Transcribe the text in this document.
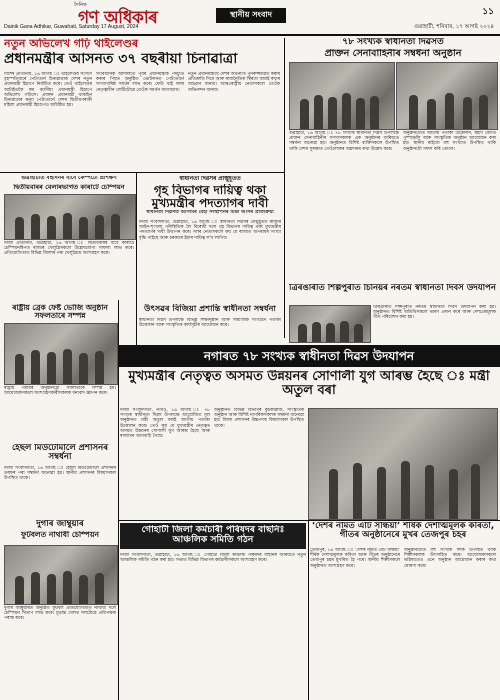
দৈনিক
গণ অধিকাৰ	স্থানীয় সংবাদ	১১
Dainik Gana Adhikar, Guwahati, Saturday 17 August, 2024	গুৱাহাটী, শনিবাৰ, ১৭ আগষ্ট ২০২৪
নতুন অভিলেখ গঢ়ি থাইলেণ্ডৰ
প্ৰধানমন্ত্ৰীৰ আসনত ৩৭ বছৰীয়া চিনাৱাত্ৰা
বিশেষ প্ৰতিনিধি, ১৬ আগষ্ট ঃ থাইলেণ্ডৰ সংসদে বৃহস্পতিবাৰে পেটংতাৰ্ন চিনাৱাত্ৰাক দেশৰ নতুন প্ৰধানমন্ত্ৰী হিচাপে নিৰ্বাচিত কৰে। তেওঁ থাইলেণ্ডৰ আটাইতকৈ কম বয়সীয়া প্ৰধানমন্ত্ৰী হিচাপে অভিলেখ গঢ়িলে। প্ৰাক্তন প্ৰধানমন্ত্ৰী থাকচিন চিনাৱাত্ৰাৰ কন্যা পেটংতাৰ্নে দেশৰ দ্বিতীয়গৰাকী মহিলা প্ৰধানমন্ত্ৰী হিচাপেও অধিষ্ঠিত হয়।
সংবিধানিক আদালতে পূৰ্বৰ প্ৰধানমন্ত্ৰীক পদচ্যুত কৰাৰ পিছত অনুষ্ঠিত ভোটদানত পেটংতাৰ্নে সংখ্যাগৰিষ্ঠ সমৰ্থন লাভ কৰে। ফেউ থাই দলৰ নেতৃত্বাধীন জোঁটটোৱে তেওঁক সমৰ্থন আগবঢ়ায়।
নতুন প্ৰধানমন্ত্ৰীয়ে দেশৰ অৰ্থনীতি পুনৰুজ্জীৱিত কৰাৰ প্ৰতিশ্ৰুতি দিয়ে আৰু ৰাজনৈতিক স্থিৰতা বজাই ৰখাৰ আহ্বান জনায়। আন্তঃৰাষ্ট্ৰীয় নেতাসকলে তেওঁক অভিনন্দন জনায়।
৭৮ সংখ্যক স্বাধীনতা দিৱসত
প্ৰাক্তন সেনাবাহিনীৰ সম্বৰ্ধনা অনুষ্ঠান
গুৱাহাটী, ১৬ আগষ্ট ঃ ৭৮ সংখ্যক স্বাধীনতা দিৱস উপলক্ষে প্ৰাক্তন সেনাবাহিনীৰ সদস্যসকলক এক অনুষ্ঠানৰ জৰিয়তে সম্বৰ্ধনা জনোৱা হয়। অনুষ্ঠানত বিশিষ্ট ব্যক্তিসকলে উপস্থিত থাকি দেশৰ সুৰক্ষাত তেওঁলোকৰ অৱদানৰ কথা উল্লেখ কৰে।
অনুষ্ঠানটোত জাতীয় পতাকা উত্তোলন, শ্বহীদ বেদীত পুষ্পাঞ্জলি আৰু সাংস্কৃতিক অনুষ্ঠান আয়োজন কৰা হয়। স্থানীয় ৰাইজে বহু সংখ্যাত উপস্থিত থাকি অনুষ্ঠানটো সফল কৰি তোলে।
গুৱাহাটীত বহুদিনৰ বাবে কেম্পটো প্ৰশিক্ষণ
দ্বিতীয়বাৰৰ বেলাৰভাগত কাৰাটে চেম্পিয়ন
নিজা প্ৰতিনিধি, গুৱাহাটী, ১৬ আগষ্ট ঃ দ্বিতীয়বাৰৰ বাবে কাৰাটে চেম্পিয়নশ্বিপত ৰাজ্যৰ খেলুৱৈসকলে উল্লেখযোগ্য সাফল্য লাভ কৰে। প্ৰতিযোগিতাত বিভিন্ন জিলাৰ পৰা খেলুৱৈয়ে অংশগ্ৰহণ কৰে।
স্বাধীনতা দিৱসৰ প্ৰাক্মুহূৰ্তত
গৃহ বিভাগৰ দায়িত্ব থকা মুখ্যমন্ত্ৰীৰ পদত্যাগৰ দাবী
স্বাধীনতা দিৱসত আসামৰ বেহা সংস্থাপনৰ চিন্তা আসৰ প্ৰতিক্ৰিয়া
নিজা সংবাদদাতা, গুৱাহাটী, ১৬ আগষ্ট ঃ স্বাধীনতা দিৱসৰ প্ৰাক্মুহূৰ্তত ৰাজ্যৰ আইন-শৃংখলা পৰিস্থিতিক লৈ বিৰোধী দলে গৃহ বিভাগৰ দায়িত্ব থকা মুখ্যমন্ত্ৰীৰ পদত্যাগৰ দাবী উত্থাপন কৰে। দলৰ নেতাসকলে কয় যে ৰাজ্যত অপৰাধৰ সংখ্যা বৃদ্ধি পাইছে আৰু চৰকাৰে ইয়াৰ দায়িত্ব ল'ব লাগিব।
ৰাষ্ট্ৰীয় ব্ৰেক ফেষ্ট ভোজি অনুষ্ঠান সফলতাৰে সম্পন্ন
ৰাষ্ট্ৰীয় পৰ্যায়ৰ অনুষ্ঠানটো সফলতাৰে সম্পন্ন হয়। আয়োজকসকলে অংশগ্ৰহণকাৰীসকলক ধন্যবাদ জ্ঞাপন কৰে।
উৎসৱৰ বিজিয়া প্ৰশান্তি স্বাধীনতা সম্বৰ্ধনা
স্বাধীনতা দিৱস উপলক্ষে বিভিন্ন শিক্ষানুষ্ঠান আৰু সামাজিক সংগঠনে পতাকা উত্তোলন আৰু সাংস্কৃতিক কাৰ্যসূচীৰ আয়োজন কৰে।
ত্ৰিৰঙাৰীত শিল্পপুৰীত চিনিয়ৰ নৰতম স্বাধীনতা দিবস উদযাপন
ত্ৰিৰঙাৰীত শিল্পপুৰীত নৰতম স্বাধীনতা দিবস উদযাপন কৰা হয়। অনুষ্ঠানত বিশিষ্ট অতিথিসকলে ভাষণ প্ৰদান কৰে আৰু দেশপ্ৰেমমূলক গীত পৰিবেশন কৰা হয়।
নগাৰত ৭৮ সংখ্যক স্বাধীনতা দিৱস উদযাপন
মুখ্যমন্ত্ৰীৰ নেতৃত্বত অসমত উন্নয়নৰ সোণালী যুগ আৰম্ভ হৈছে ঃ মন্ত্ৰী অতুল বৰা
নিজা সংবাদদাতা, নগাঁও, ১৬ আগষ্ট ঃ ৭৮ সংখ্যক স্বাধীনতা দিৱস উপলক্ষে আয়োজিত মূল অনুষ্ঠানত মন্ত্ৰী অতুল বৰাই জাতীয় পতাকা উত্তোলন কৰে। তেওঁ কয় যে মুখ্যমন্ত্ৰীৰ নেতৃত্বত অসমত উন্নয়নৰ সোণালী যুগ আৰম্ভ হৈছে আৰু ৰাজ্যখন আগবাঢ়ি গৈছে।
অনুষ্ঠানত বিভিন্ন বিভাগৰ কুচকাৱাজ, সাংস্কৃতিক অনুষ্ঠান আৰু বিশিষ্ট নাগৰিকসকলক সম্বৰ্ধনা জনোৱা হয়। জিলা প্ৰশাসনৰ উচ্চপদস্থ বিষয়াসকল উপস্থিত থাকে।
হেছল মিউটোমালৈ প্ৰশাসনৰ সম্বৰ্ধনা
নিজা সংবাদদাতা, ১৬ আগষ্ট ঃ হেছল মিউটোমালৈ প্ৰশাসনৰ তৰফৰ পৰা সম্বৰ্ধনা জনোৱা হয়। স্থানীয় প্ৰশাসনৰ বিষয়াসকল উপস্থিত থাকে।
দুৰ্গাৰ জাম্বুয়াৰ
ফুটবলত নাথাবী চেম্পিয়ন
দুৰ্গাৰ জাম্বুয়াৰত অনুষ্ঠিত ফুটবল প্ৰতিযোগিতাত নাথাবী দলে চেম্পিয়ন খিতাপ লাভ কৰে। চূড়ান্ত খেলত দলটোৱে প্ৰতিপক্ষক পৰাস্ত কৰে।
গোহাটী জিলা কৰ্মচাৰী পৰিষদৰ বাছনিঃ আঞ্চলিক সমিতি গঠন
নিজা সংবাদদাতা, গুৱাহাটী, ১৬ আগষ্ট ঃ গোহাটী জিলা কৰ্মচাৰী পৰিষদৰ বাছনিৰ জৰিয়তে নতুন আঞ্চলিক সমিতি গঠন কৰা হয়। সভাত বিভিন্ন বিভাগৰ কৰ্মচাৰীসকলে অংশগ্ৰহণ কৰে।
‘দেশৰ নামত এটি সন্ধিয়া’ শীৰ্ষক দেশাত্মমূলক কৰিতা, গীতৰ অনুষ্ঠানেৰে মুখৰ তেজপুৰ চহৰ
তেজপুৰ, ১৬ আগষ্ট ঃ ‘দেশৰ নামত এটি সন্ধিয়া’ শীৰ্ষক দেশাত্মমূলক কবিতা আৰু গীতৰ অনুষ্ঠানেৰে তেজপুৰ চহৰ মুখৰিত হৈ পৰে। স্থানীয় শিল্পীসকলে অনুষ্ঠানত অংশগ্ৰহণ কৰে।
অনুষ্ঠানটোত বহু সংখ্যক দৰ্শক উপস্থিত থাকি শিল্পীসকলক উৎসাহিত কৰে। আয়োজকসকলে ভৱিষ্যতেও এনে অনুষ্ঠান আয়োজন কৰাৰ কথা ঘোষণা কৰে।
